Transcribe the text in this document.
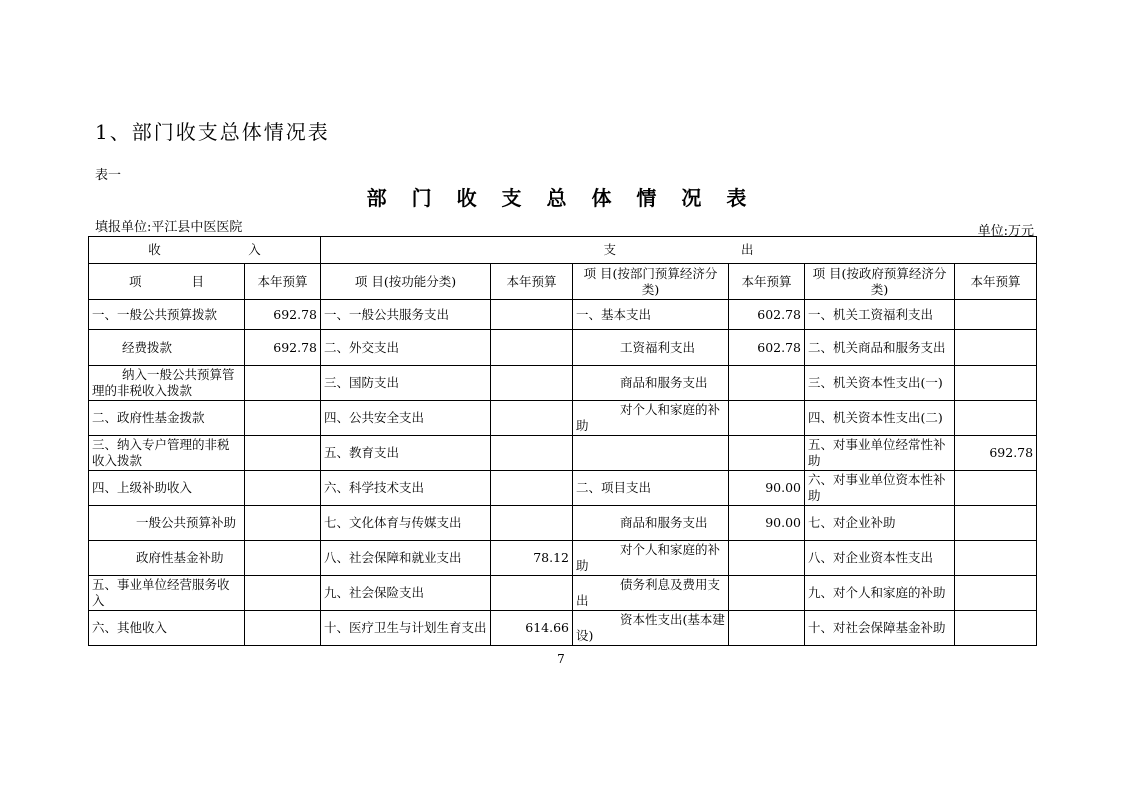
1、部门收支总体情况表
表一
部 门 收 支 总 体 情 况 表
填报单位:平江县中医医院	单位:万元
收　　　　　　　入		支　　　　　　　　　　出					
项　　　　目	本年预算	项 目(按功能分类)	本年预算	项 目(按部门预算经济分类)	本年预算	项 目(按政府预算经济分类)	本年预算
一、一般公共预算拨款	692.78	一、一般公共服务支出		一、基本支出	602.78	一、机关工资福利支出	
经费拨款	692.78	二、外交支出		工资福利支出	602.78	二、机关商品和服务支出	
纳入一般公共预算管理的非税收入拨款		三、国防支出		商品和服务支出		三、机关资本性支出(一)	
二、政府性基金拨款		四、公共安全支出		对个人和家庭的补助		四、机关资本性支出(二)	
三、纳入专户管理的非税收入拨款		五、教育支出				五、对事业单位经常性补助	692.78
四、上级补助收入		六、科学技术支出		二、项目支出	90.00	六、对事业单位资本性补助	
一般公共预算补助		七、文化体育与传媒支出		商品和服务支出	90.00	七、对企业补助	
政府性基金补助		八、社会保障和就业支出	78.12	对个人和家庭的补助		八、对企业资本性支出	
五、事业单位经营服务收入		九、社会保险支出		债务利息及费用支出		九、对个人和家庭的补助	
六、其他收入		十、医疗卫生与计划生育支出	614.66	资本性支出(基本建设)		十、对社会保障基金补助	
7
